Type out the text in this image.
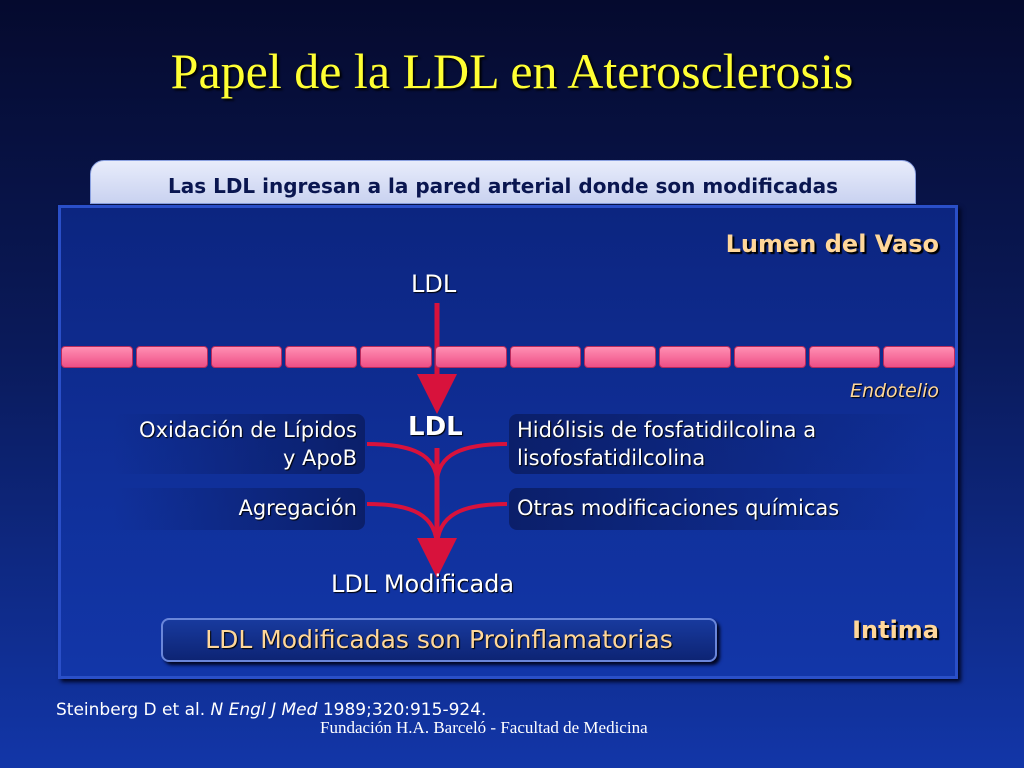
Papel de la LDL en Aterosclerosis
Las LDL ingresan a la pared arterial donde son modificadas
Lumen del Vaso
LDL
Endotelio
LDL
Oxidación de Lípidos
y ApoB
Agregación
Hidólisis de fosfatidilcolina a
lisofosfatidilcolina
Otras modificaciones químicas
LDL Modificada
LDL Modificadas son Proinflamatorias	Intima
Steinberg D et al. N Engl J Med 1989;320:915-924.
Fundación H.A. Barceló - Facultad de Medicina
